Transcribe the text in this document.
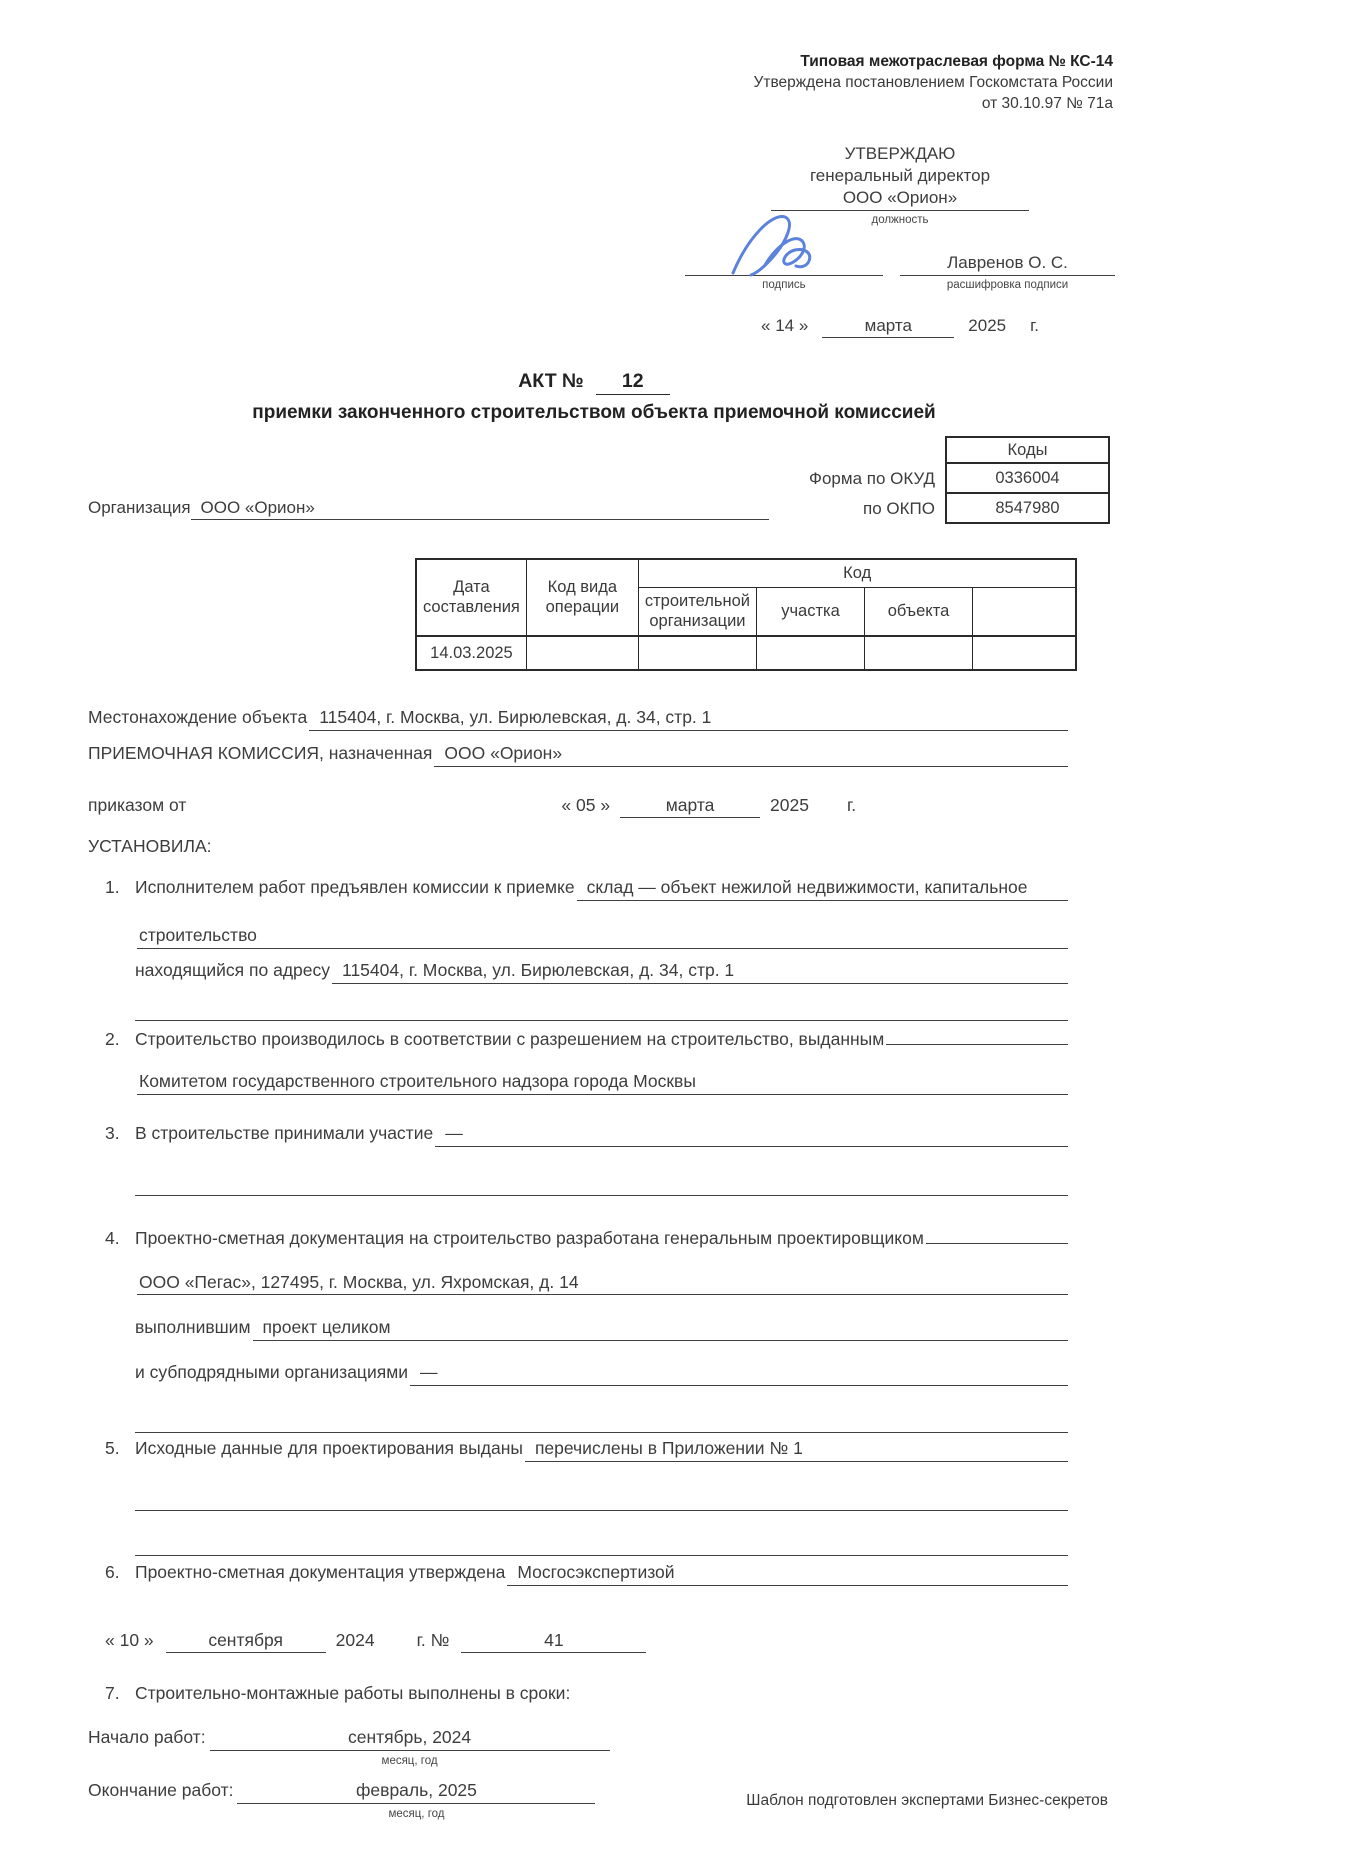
Типовая межотраслевая форма № КС-14
Утверждена постановлением Госкомстата России
от 30.10.97 № 71а
УТВЕРЖДАЮ
генеральный директор
ООО «Орион»
должность
подпись
Лавренов О. С.
расшифровка подписи
« 14 »	марта	2025 г.
АКТ № 12
приемки законченного строительством объекта приемочной комиссией
Коды
Форма по ОКУД	0336004
Организация ООО «Орион»	по ОКПО	8547980
Дата составления	Код вида операции	Код			
		строительной организации	участка	объекта	
14.03.2025					
Местонахождение объекта 115404, г. Москва, ул. Бирюлевская, д. 34, стр. 1
ПРИЕМОЧНАЯ КОМИССИЯ, назначенная ООО «Орион»
приказом от	« 05 »	марта	2025 г.
УСТАНОВИЛА:
1. Исполнителем работ предъявлен комиссии к приемке склад — объект нежилой недвижимости, капитальное
строительство
находящийся по адресу 115404, г. Москва, ул. Бирюлевская, д. 34, стр. 1
2. Строительство производилось в соответствии с разрешением на строительство, выданным
Комитетом государственного строительного надзора города Москвы
3. В строительстве принимали участие —
4. Проектно-сметная документация на строительство разработана генеральным проектировщиком
ООО «Пегас», 127495, г. Москва, ул. Яхромская, д. 14
выполнившим проект целиком
и субподрядными организациями —
5. Исходные данные для проектирования выданы перечислены в Приложении № 1
6. Проектно-сметная документация утверждена Мосгосэкспертизой
« 10 »	сентября	2024 г. №	41
7. Строительно-монтажные работы выполнены в сроки:
Начало работ:	сентябрь, 2024
месяц, год
Окончание работ:	февраль, 2025
месяц, год
Шаблон подготовлен экспертами Бизнес-секретов
